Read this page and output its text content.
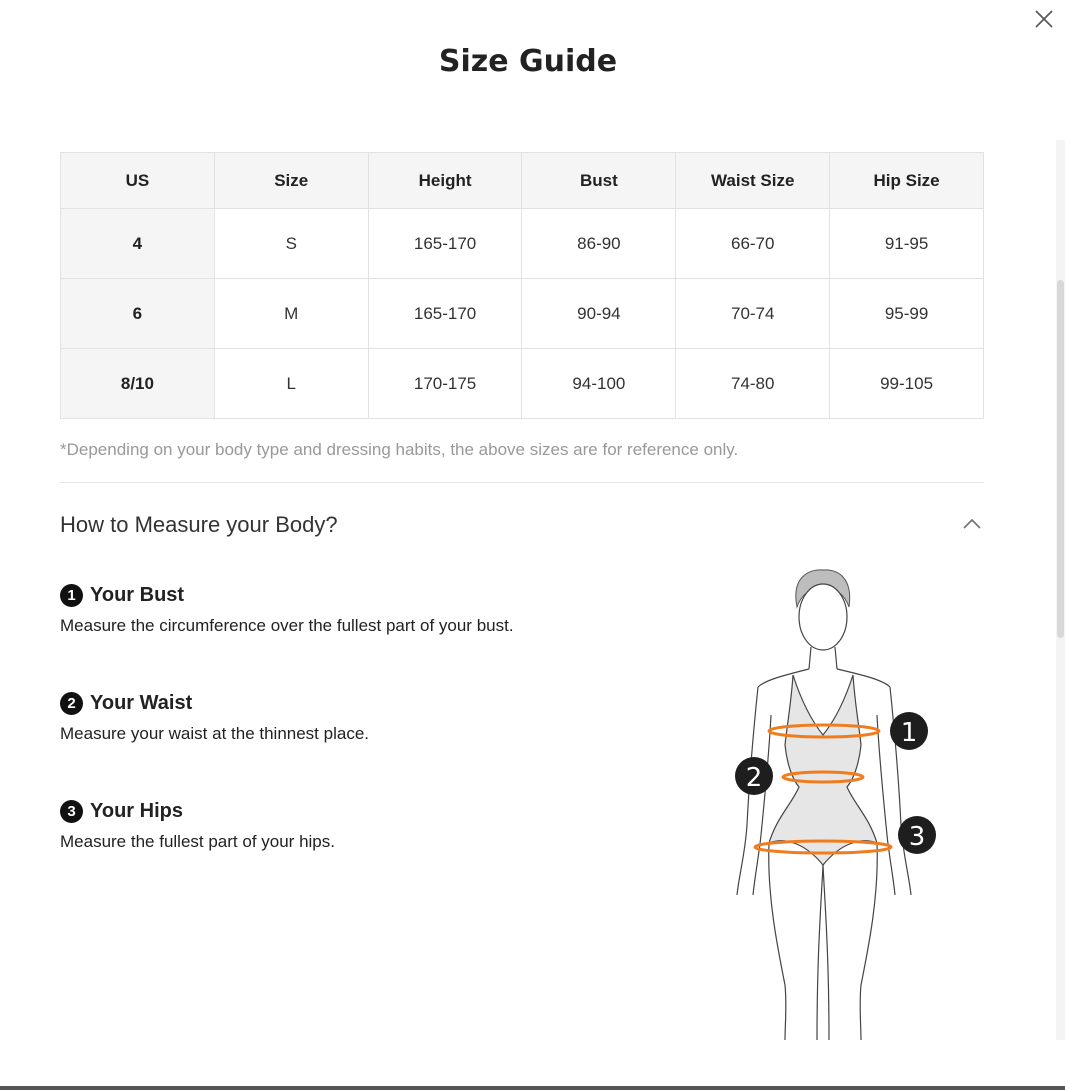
Size Guide
US	Size	Height	Bust	Waist Size	Hip Size
4	S	165-170	86-90	66-70	91-95
6	M	165-170	90-94	70-74	95-99
8/10	L	170-175	94-100	74-80	99-105
*Depending on your body type and dressing habits, the above sizes are for reference only.
How to Measure your Body?
1 Your Bust
Measure the circumference over the fullest part of your bust.
2 Your Waist
Measure your waist at the thinnest place.
3 Your Hips
Measure the fullest part of your hips.
1
2
3
